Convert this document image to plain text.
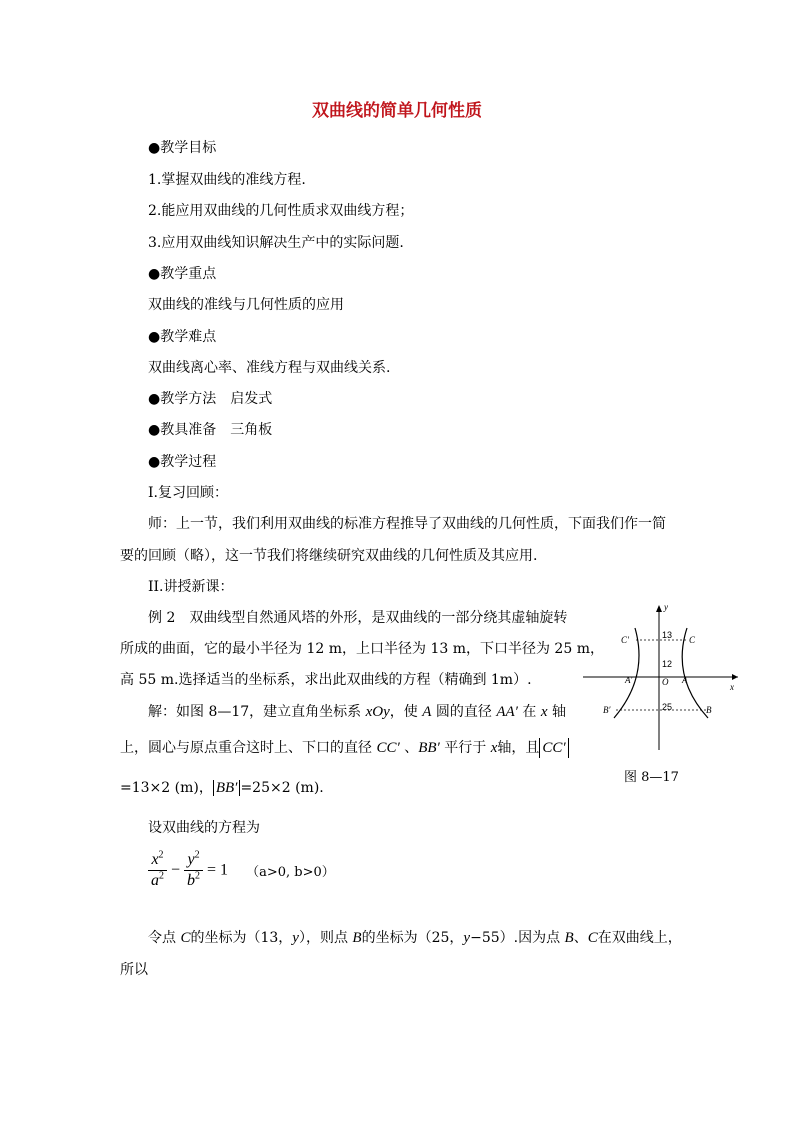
双曲线的简单几何性质
●教学目标
1.掌握双曲线的准线方程.
2.能应用双曲线的几何性质求双曲线方程；
3.应用双曲线知识解决生产中的实际问题.
●教学重点
双曲线的准线与几何性质的应用
●教学难点
双曲线离心率、准线方程与双曲线关系.
●教学方法　启发式
●教具准备　三角板
●教学过程
I.复习回顾：
师：上一节，我们利用双曲线的标准方程推导了双曲线的几何性质，下面我们作一简
要的回顾（略），这一节我们将继续研究双曲线的几何性质及其应用.
II.讲授新课：
例 2　双曲线型自然通风塔的外形，是双曲线的一部分绕其虚轴旋转
所成的曲面，它的最小半径为 12 m，上口半径为 13 m，下口半径为 25 m，
高 55 m.选择适当的坐标系，求出此双曲线的方程（精确到 1m）.
解：如图 8—17，建立直角坐标系 xOy，使 A 圆的直径 AA′ 在 x 轴
上，圆心与原点重合这时上、下口的直径 CC′ 、BB′ 平行于 x轴，且 CC′
=13×2 (m)， BB′ =25×2 (m).
设双曲线的方程为
$\frac{x^2}{a^2} - \frac{y^2}{b^2} = 1$ （a>0, b>0）
令点 C的坐标为（13，y），则点 B的坐标为（25，y−55）.因为点 B、C在双曲线上，
所以
y
x
O
A′	A
C′	C
B′	B
13
12
25
图 8—17
